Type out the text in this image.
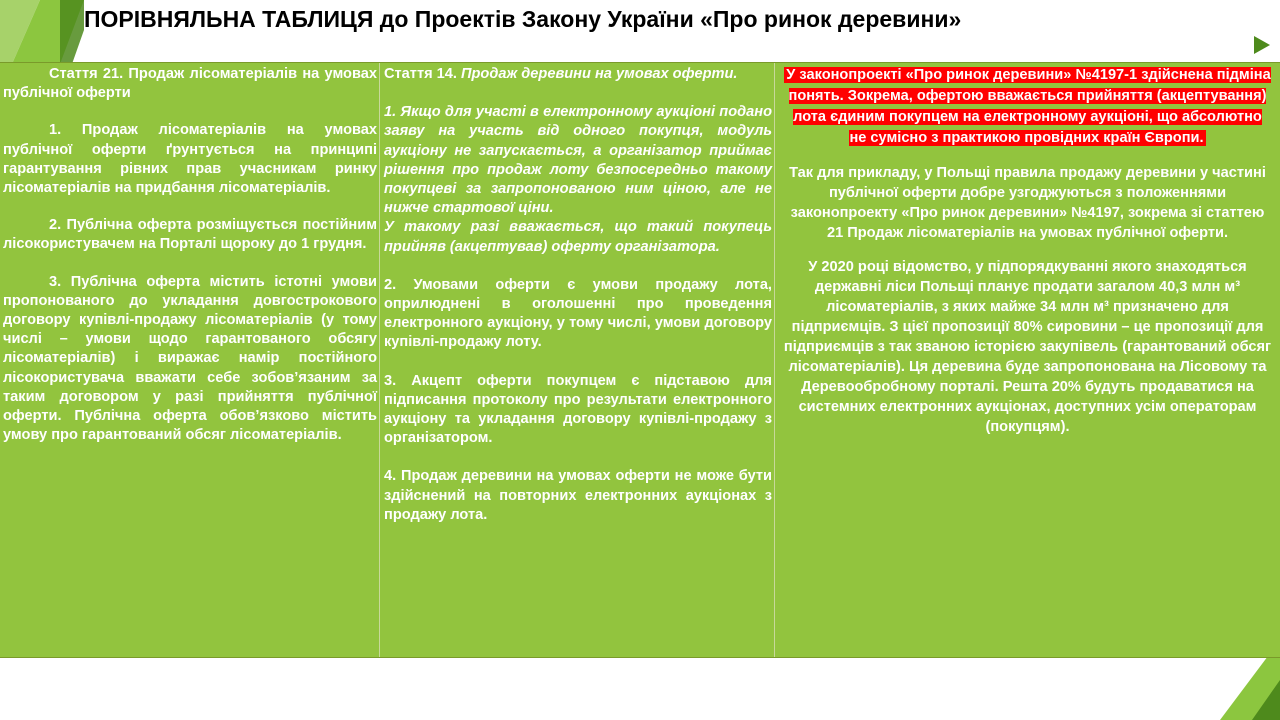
ПОРІВНЯЛЬНА ТАБЛИЦЯ до Проектів Закону України «Про ринок деревини»

Стаття 21. Продаж лісоматеріалів на умовах публічної оферти

1. Продаж лісоматеріалів на умовах публічної оферти ґрунтується на принципі гарантування рівних прав учасникам ринку лісоматеріалів на придбання лісоматеріалів.

2. Публічна оферта розміщується постійним лісокористувачем на Порталі щороку до 1 грудня.

3. Публічна оферта містить істотні умови пропонованого до укладання довгострокового договору купівлі-продажу лісоматеріалів (у тому числі – умови щодо гарантованого обсягу лісоматеріалів) і виражає намір постійного лісокористувача вважати себе зобов’язаним за таким договором у разі прийняття публічної оферти. Публічна оферта обов’язково містить умову про гарантований обсяг лісоматеріалів.

Стаття 14. Продаж деревини на умовах оферти.

1. Якщо для участі в електронному аукціоні подано заяву на участь від одного покупця, модуль аукціону не запускається, а організатор приймає рішення про продаж лоту безпосередньо такому покупцеві за запропонованою ним ціною, але не нижче стартової ціни.

У такому разі вважається, що такий покупець прийняв (акцептував) оферту організатора.

2. Умовами оферти є умови продажу лота, оприлюднені в оголошенні про проведення електронного аукціону, у тому числі, умови договору купівлі-продажу лоту.

3. Акцепт оферти покупцем є підставою для підписання протоколу про результати електронного аукціону та укладання договору купівлі-продажу з організатором.

4. Продаж деревини на умовах оферти не може бути здійснений на повторних електронних аукціонах з продажу лота.

У законопроекті «Про ринок деревини» №4197-1 здійснена підміна понять. Зокрема, офертою вважається прийняття (акцептування) лота єдиним покупцем на електронному аукціоні, що абсолютно не сумісно з практикою провідних країн Європи.

Так для прикладу, у Польщі правила продажу деревини у частині публічної оферти добре узгоджуються з положеннями законопроекту «Про ринок деревини» №4197, зокрема зі статтею 21 Продаж лісоматеріалів на умовах публічної оферти.

У 2020 році відомство, у підпорядкуванні якого знаходяться державні ліси Польщі планує продати загалом 40,3 млн м³ лісоматеріалів, з яких майже 34 млн м³ призначено для підприємців. З цієї пропозиції 80% сировини – це пропозиції для підприємців з так званою історією закупівель (гарантований обсяг лісоматеріалів). Ця деревина буде запропонована на Лісовому та Деревообробному порталі. Решта 20% будуть продаватися на системних електронних аукціонах, доступних усім операторам (покупцям).
